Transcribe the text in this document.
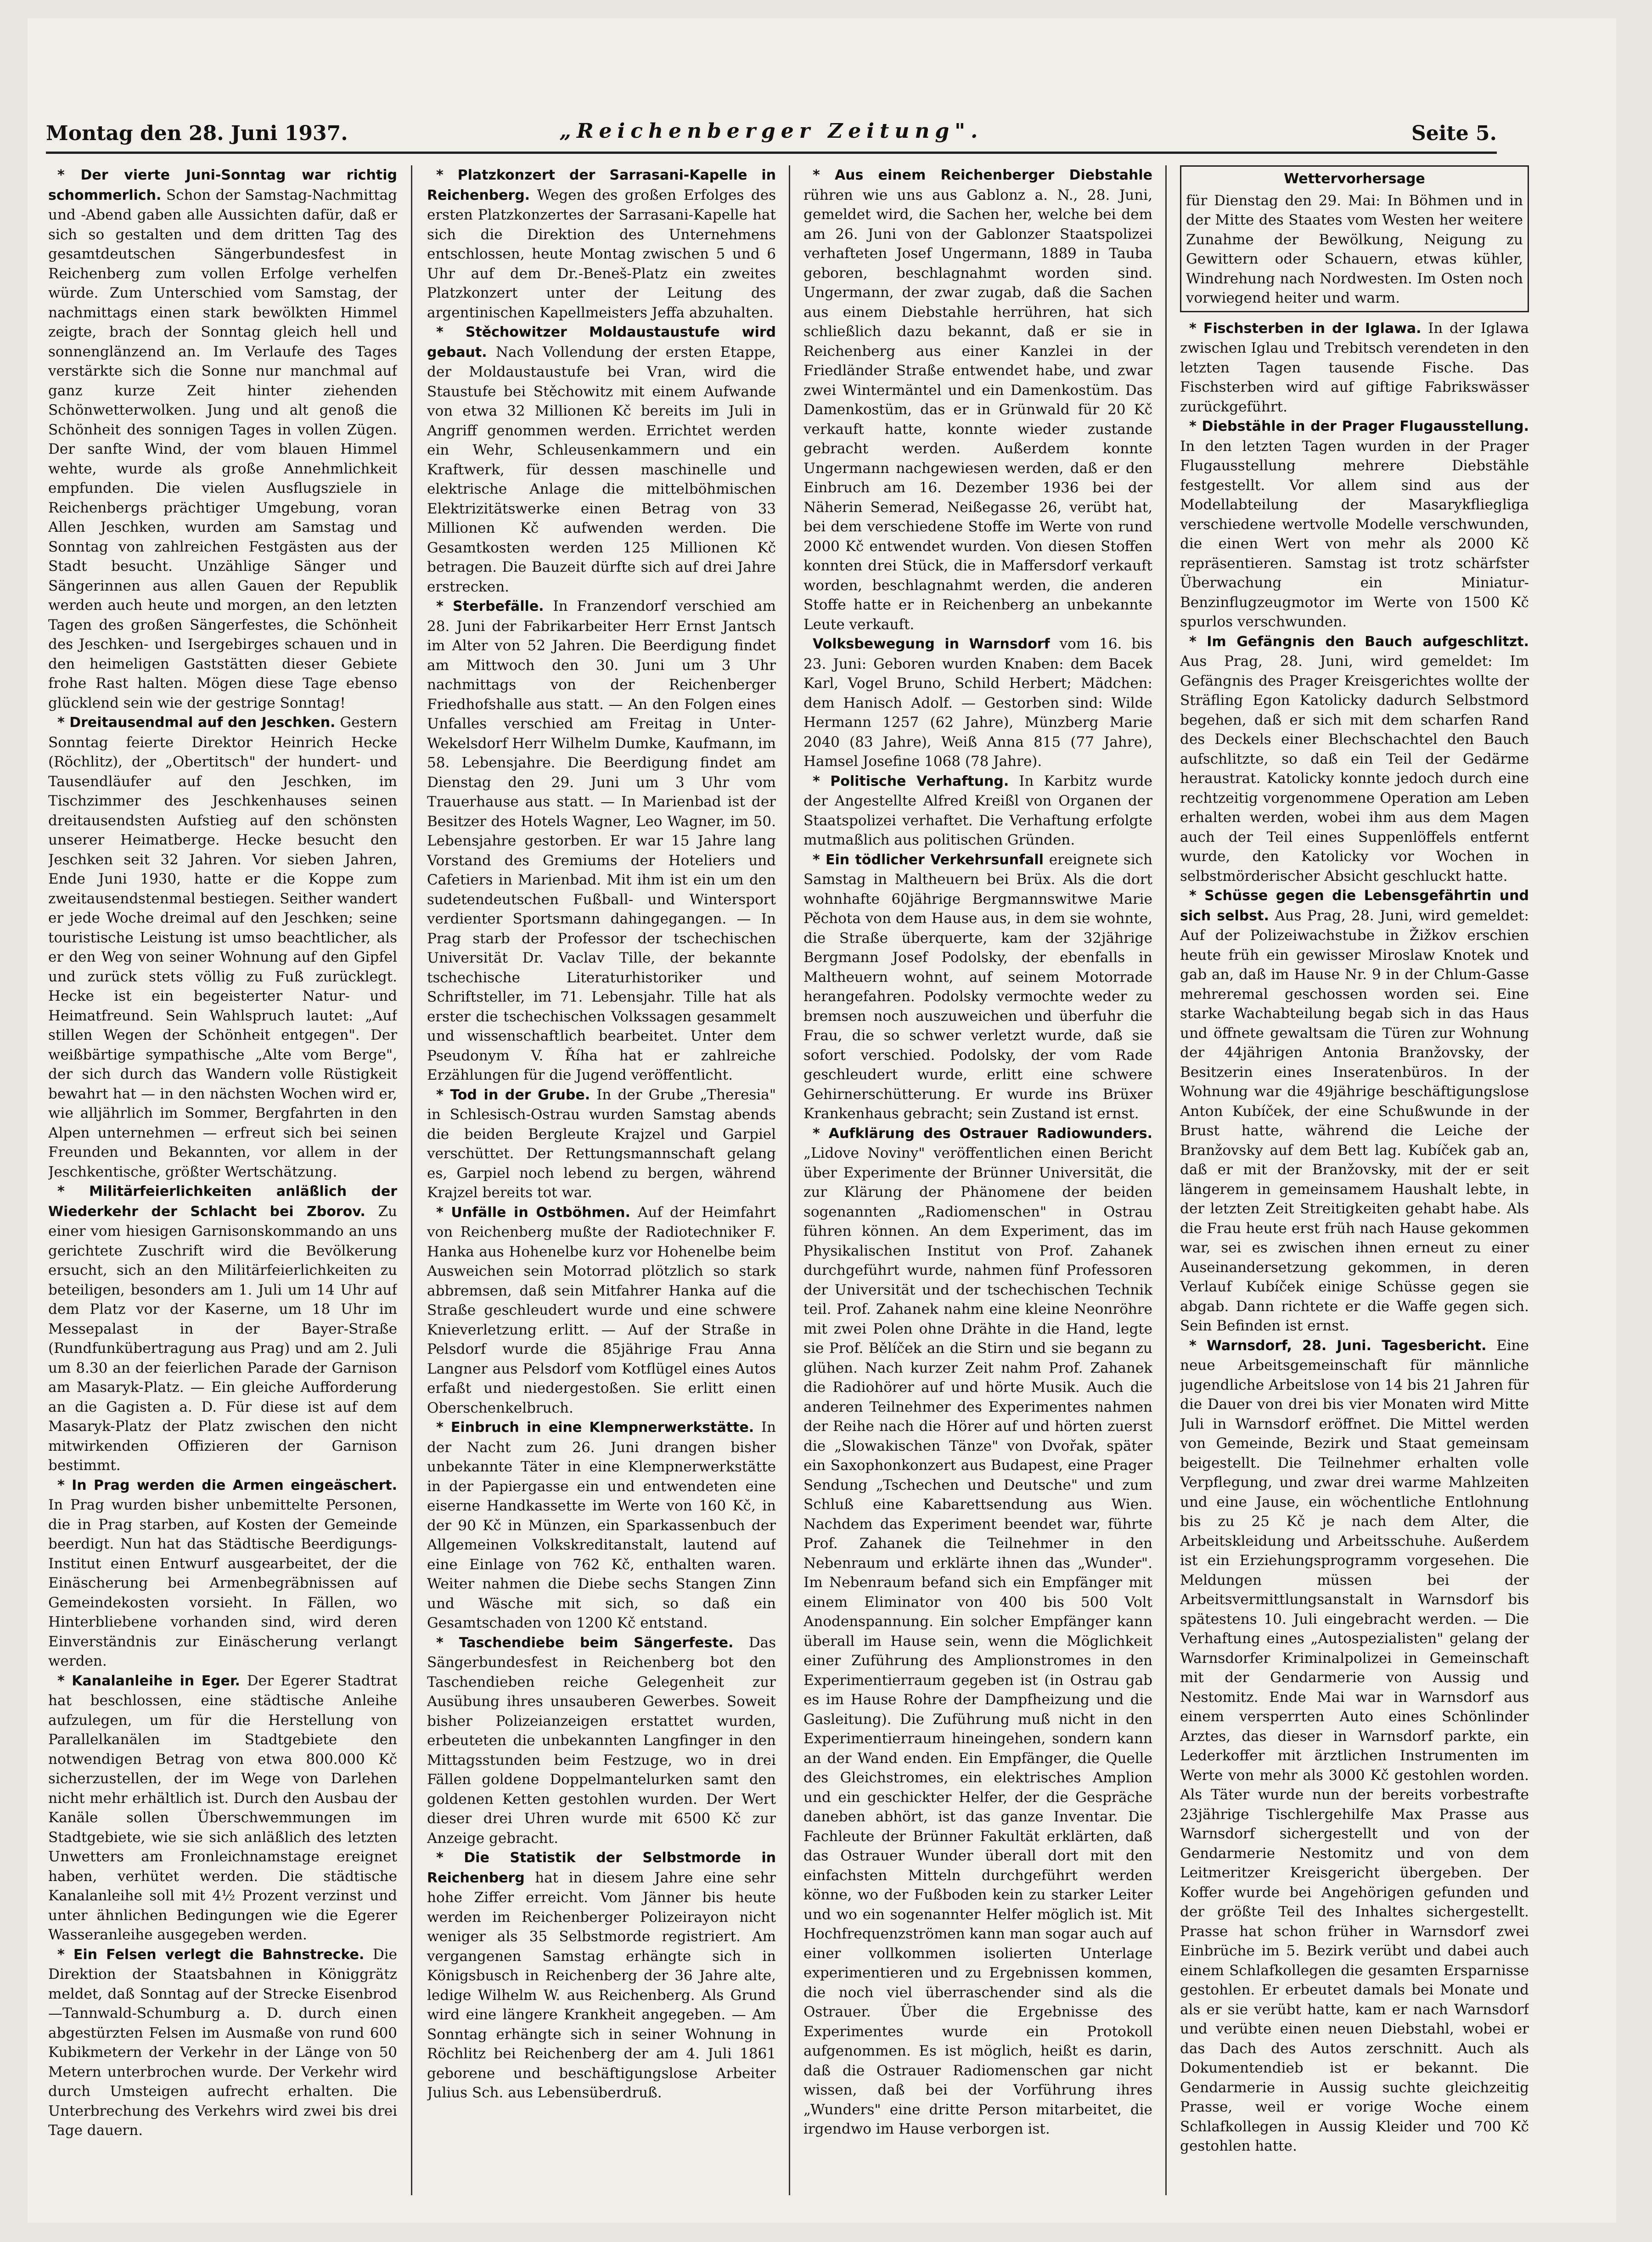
Montag den 28. Juni 1937.	„Reichenberger Zeitung".	Seite 5.

* Der vierte Juni-Sonntag war richtig schommerlich. Schon der Samstag-Nachmittag und -Abend gaben alle Aussichten dafür, daß er sich so gestalten und dem dritten Tag des gesamtdeutschen Sängerbundesfest in Reichenberg zum vollen Erfolge verhelfen würde. Zum Unterschied vom Samstag, der nachmittags einen stark bewölkten Himmel zeigte, brach der Sonntag gleich hell und sonnenglänzend an. Im Verlaufe des Tages verstärkte sich die Sonne nur manchmal auf ganz kurze Zeit hinter ziehenden Schönwetterwolken. Jung und alt genoß die Schönheit des sonnigen Tages in vollen Zügen. Der sanfte Wind, der vom blauen Himmel wehte, wurde als große Annehmlichkeit empfunden. Die vielen Ausflugsziele in Reichenbergs prächtiger Umgebung, voran Allen Jeschken, wurden am Samstag und Sonntag von zahlreichen Festgästen aus der Stadt besucht. Unzählige Sänger und Sängerinnen aus allen Gauen der Republik werden auch heute und morgen, an den letzten Tagen des großen Sängerfestes, die Schönheit des Jeschken- und Isergebirges schauen und in den heimeligen Gaststätten dieser Gebiete frohe Rast halten. Mögen diese Tage ebenso glücklend sein wie der gestrige Sonntag!

* Dreitausendmal auf den Jeschken. Gestern Sonntag feierte Direktor Heinrich Hecke (Röchlitz), der „Obertitsch" der hundert- und Tausendläufer auf den Jeschken, im Tischzimmer des Jeschkenhauses seinen dreitausendsten Aufstieg auf den schönsten unserer Heimatberge. Hecke besucht den Jeschken seit 32 Jahren. Vor sieben Jahren, Ende Juni 1930, hatte er die Koppe zum zweitausendstenmal bestiegen. Seither wandert er jede Woche dreimal auf den Jeschken; seine touristische Leistung ist umso beachtlicher, als er den Weg von seiner Wohnung auf den Gipfel und zurück stets völlig zu Fuß zurücklegt. Hecke ist ein begeisterter Natur- und Heimatfreund. Sein Wahlspruch lautet: „Auf stillen Wegen der Schönheit entgegen". Der weißbärtige sympathische „Alte vom Berge", der sich durch das Wandern volle Rüstigkeit bewahrt hat — in den nächsten Wochen wird er, wie alljährlich im Sommer, Bergfahrten in den Alpen unternehmen — erfreut sich bei seinen Freunden und Bekannten, vor allem in der Jeschkentische, größter Wertschätzung.

* Militärfeierlichkeiten anläßlich der Wiederkehr der Schlacht bei Zborov. Zu einer vom hiesigen Garnisonskommando an uns gerichtete Zuschrift wird die Bevölkerung ersucht, sich an den Militärfeierlichkeiten zu beteiligen, besonders am 1. Juli um 14 Uhr auf dem Platz vor der Kaserne, um 18 Uhr im Messepalast in der Bayer-Straße (Rundfunkübertragung aus Prag) und am 2. Juli um 8.30 an der feierlichen Parade der Garnison am Masaryk-Platz. — Ein gleiche Aufforderung an die Gagisten a. D. Für diese ist auf dem Masaryk-Platz der Platz zwischen den nicht mitwirkenden Offizieren der Garnison bestimmt.

* In Prag werden die Armen eingeäschert. In Prag wurden bisher unbemittelte Personen, die in Prag starben, auf Kosten der Gemeinde beerdigt. Nun hat das Städtische Beerdigungs-Institut einen Entwurf ausgearbeitet, der die Einäscherung bei Armenbegräbnissen auf Gemeindekosten vorsieht. In Fällen, wo Hinterbliebene vorhanden sind, wird deren Einverständnis zur Einäscherung verlangt werden.

* Kanalanleihe in Eger. Der Egerer Stadtrat hat beschlossen, eine städtische Anleihe aufzulegen, um für die Herstellung von Parallelkanälen im Stadtgebiete den notwendigen Betrag von etwa 800.000 Kč sicherzustellen, der im Wege von Darlehen nicht mehr erhältlich ist. Durch den Ausbau der Kanäle sollen Überschwemmungen im Stadtgebiete, wie sie sich anläßlich des letzten Unwetters am Fronleichnamstage ereignet haben, verhütet werden. Die städtische Kanalanleihe soll mit 4½ Prozent verzinst und unter ähnlichen Bedingungen wie die Egerer Wasseranleihe ausgegeben werden.

* Ein Felsen verlegt die Bahnstrecke. Die Direktion der Staatsbahnen in Königgrätz meldet, daß Sonntag auf der Strecke Eisenbrod—Tannwald-Schumburg a. D. durch einen abgestürzten Felsen im Ausmaße von rund 600 Kubikmetern der Verkehr in der Länge von 50 Metern unterbrochen wurde. Der Verkehr wird durch Umsteigen aufrecht erhalten. Die Unterbrechung des Verkehrs wird zwei bis drei Tage dauern.

* Platzkonzert der Sarrasani-Kapelle in Reichenberg. Wegen des großen Erfolges des ersten Platzkonzertes der Sarrasani-Kapelle hat sich die Direktion des Unternehmens entschlossen, heute Montag zwischen 5 und 6 Uhr auf dem Dr.-Beneš-Platz ein zweites Platzkonzert unter der Leitung des argentinischen Kapellmeisters Jeffa abzuhalten.

* Stěchowitzer Moldaustaustufe wird gebaut. Nach Vollendung der ersten Etappe, der Moldaustaustufe bei Vran, wird die Staustufe bei Stěchowitz mit einem Aufwande von etwa 32 Millionen Kč bereits im Juli in Angriff genommen werden. Errichtet werden ein Wehr, Schleusenkammern und ein Kraftwerk, für dessen maschinelle und elektrische Anlage die mittelböhmischen Elektrizitätswerke einen Betrag von 33 Millionen Kč aufwenden werden. Die Gesamtkosten werden 125 Millionen Kč betragen. Die Bauzeit dürfte sich auf drei Jahre erstrecken.

* Sterbefälle. In Franzendorf verschied am 28. Juni der Fabrikarbeiter Herr Ernst Jantsch im Alter von 52 Jahren. Die Beerdigung findet am Mittwoch den 30. Juni um 3 Uhr nachmittags von der Reichenberger Friedhofshalle aus statt. — An den Folgen eines Unfalles verschied am Freitag in Unter-Wekelsdorf Herr Wilhelm Dumke, Kaufmann, im 58. Lebensjahre. Die Beerdigung findet am Dienstag den 29. Juni um 3 Uhr vom Trauerhause aus statt. — In Marienbad ist der Besitzer des Hotels Wagner, Leo Wagner, im 50. Lebensjahre gestorben. Er war 15 Jahre lang Vorstand des Gremiums der Hoteliers und Cafetiers in Marienbad. Mit ihm ist ein um den sudetendeutschen Fußball- und Wintersport verdienter Sportsmann dahingegangen. — In Prag starb der Professor der tschechischen Universität Dr. Vaclav Tille, der bekannte tschechische Literaturhistoriker und Schriftsteller, im 71. Lebensjahr. Tille hat als erster die tschechischen Volkssagen gesammelt und wissenschaftlich bearbeitet. Unter dem Pseudonym V. Říha hat er zahlreiche Erzählungen für die Jugend veröffentlicht.

* Tod in der Grube. In der Grube „Theresia" in Schlesisch-Ostrau wurden Samstag abends die beiden Bergleute Krajzel und Garpiel verschüttet. Der Rettungsmannschaft gelang es, Garpiel noch lebend zu bergen, während Krajzel bereits tot war.

* Unfälle in Ostböhmen. Auf der Heimfahrt von Reichenberg mußte der Radiotechniker F. Hanka aus Hohenelbe kurz vor Hohenelbe beim Ausweichen sein Motorrad plötzlich so stark abbremsen, daß sein Mitfahrer Hanka auf die Straße geschleudert wurde und eine schwere Knieverletzung erlitt. — Auf der Straße in Pelsdorf wurde die 85jährige Frau Anna Langner aus Pelsdorf vom Kotflügel eines Autos erfaßt und niedergestoßen. Sie erlitt einen Oberschenkelbruch.

* Einbruch in eine Klempnerwerkstätte. In der Nacht zum 26. Juni drangen bisher unbekannte Täter in eine Klempnerwerkstätte in der Papiergasse ein und entwendeten eine eiserne Handkassette im Werte von 160 Kč, in der 90 Kč in Münzen, ein Sparkassenbuch der Allgemeinen Volkskreditanstalt, lautend auf eine Einlage von 762 Kč, enthalten waren. Weiter nahmen die Diebe sechs Stangen Zinn und Wäsche mit sich, so daß ein Gesamtschaden von 1200 Kč entstand.

* Taschendiebe beim Sängerfeste. Das Sängerbundesfest in Reichenberg bot den Taschendieben reiche Gelegenheit zur Ausübung ihres unsauberen Gewerbes. Soweit bisher Polizeianzeigen erstattet wurden, erbeuteten die unbekannten Langfinger in den Mittagsstunden beim Festzuge, wo in drei Fällen goldene Doppelmantelurken samt den goldenen Ketten gestohlen wurden. Der Wert dieser drei Uhren wurde mit 6500 Kč zur Anzeige gebracht.

* Die Statistik der Selbstmorde in Reichenberg hat in diesem Jahre eine sehr hohe Ziffer erreicht. Vom Jänner bis heute werden im Reichenberger Polizeirayon nicht weniger als 35 Selbstmorde registriert. Am vergangenen Samstag erhängte sich in Königsbusch in Reichenberg der 36 Jahre alte, ledige Wilhelm W. aus Reichenberg. Als Grund wird eine längere Krankheit angegeben. — Am Sonntag erhängte sich in seiner Wohnung in Röchlitz bei Reichenberg der am 4. Juli 1861 geborene und beschäftigungslose Arbeiter Julius Sch. aus Lebensüberdruß.

* Aus einem Reichenberger Diebstahle rühren wie uns aus Gablonz a. N., 28. Juni, gemeldet wird, die Sachen her, welche bei dem am 26. Juni von der Gablonzer Staatspolizei verhafteten Josef Ungermann, 1889 in Tauba geboren, beschlagnahmt worden sind. Ungermann, der zwar zugab, daß die Sachen aus einem Diebstahle herrühren, hat sich schließlich dazu bekannt, daß er sie in Reichenberg aus einer Kanzlei in der Friedländer Straße entwendet habe, und zwar zwei Wintermäntel und ein Damenkostüm. Das Damenkostüm, das er in Grünwald für 20 Kč verkauft hatte, konnte wieder zustande gebracht werden. Außerdem konnte Ungermann nachgewiesen werden, daß er den Einbruch am 16. Dezember 1936 bei der Näherin Semerad, Neißegasse 26, verübt hat, bei dem verschiedene Stoffe im Werte von rund 2000 Kč entwendet wurden. Von diesen Stoffen konnten drei Stück, die in Maffersdorf verkauft worden, beschlagnahmt werden, die anderen Stoffe hatte er in Reichenberg an unbekannte Leute verkauft.

Volksbewegung in Warnsdorf vom 16. bis 23. Juni: Geboren wurden Knaben: dem Bacek Karl, Vogel Bruno, Schild Herbert; Mädchen: dem Hanisch Adolf. — Gestorben sind: Wilde Hermann 1257 (62 Jahre), Münzberg Marie 2040 (83 Jahre), Weiß Anna 815 (77 Jahre), Hamsel Josefine 1068 (78 Jahre).

* Politische Verhaftung. In Karbitz wurde der Angestellte Alfred Kreißl von Organen der Staatspolizei verhaftet. Die Verhaftung erfolgte mutmaßlich aus politischen Gründen.

* Ein tödlicher Verkehrsunfall ereignete sich Samstag in Maltheuern bei Brüx. Als die dort wohnhafte 60jährige Bergmannswitwe Marie Pěchota von dem Hause aus, in dem sie wohnte, die Straße überquerte, kam der 32jährige Bergmann Josef Podolsky, der ebenfalls in Maltheuern wohnt, auf seinem Motorrade herangefahren. Podolsky vermochte weder zu bremsen noch auszuweichen und überfuhr die Frau, die so schwer verletzt wurde, daß sie sofort verschied. Podolsky, der vom Rade geschleudert wurde, erlitt eine schwere Gehirnerschütterung. Er wurde ins Brüxer Krankenhaus gebracht; sein Zustand ist ernst.

* Aufklärung des Ostrauer Radiowunders. „Lidove Noviny" veröffentlichen einen Bericht über Experimente der Brünner Universität, die zur Klärung der Phänomene der beiden sogenannten „Radiomenschen" in Ostrau führen können. An dem Experiment, das im Physikalischen Institut von Prof. Zahanek durchgeführt wurde, nahmen fünf Professoren der Universität und der tschechischen Technik teil. Prof. Zahanek nahm eine kleine Neonröhre mit zwei Polen ohne Drähte in die Hand, legte sie Prof. Bělíček an die Stirn und sie begann zu glühen. Nach kurzer Zeit nahm Prof. Zahanek die Radiohörer auf und hörte Musik. Auch die anderen Teilnehmer des Experimentes nahmen der Reihe nach die Hörer auf und hörten zuerst die „Slowakischen Tänze" von Dvořak, später ein Saxophonkonzert aus Budapest, eine Prager Sendung „Tschechen und Deutsche" und zum Schluß eine Kabarettsendung aus Wien. Nachdem das Experiment beendet war, führte Prof. Zahanek die Teilnehmer in den Nebenraum und erklärte ihnen das „Wunder". Im Nebenraum befand sich ein Empfänger mit einem Eliminator von 400 bis 500 Volt Anodenspannung. Ein solcher Empfänger kann überall im Hause sein, wenn die Möglichkeit einer Zuführung des Amplionstromes in den Experimentierraum gegeben ist (in Ostrau gab es im Hause Rohre der Dampfheizung und die Gasleitung). Die Zuführung muß nicht in den Experimentierraum hineingehen, sondern kann an der Wand enden. Ein Empfänger, die Quelle des Gleichstromes, ein elektrisches Amplion und ein geschickter Helfer, der die Gespräche daneben abhört, ist das ganze Inventar. Die Fachleute der Brünner Fakultät erklärten, daß das Ostrauer Wunder überall dort mit den einfachsten Mitteln durchgeführt werden könne, wo der Fußboden kein zu starker Leiter und wo ein sogenannter Helfer möglich ist. Mit Hochfrequenzströmen kann man sogar auch auf einer vollkommen isolierten Unterlage experimentieren und zu Ergebnissen kommen, die noch viel überraschender sind als die Ostrauer. Über die Ergebnisse des Experimentes wurde ein Protokoll aufgenommen. Es ist möglich, heißt es darin, daß die Ostrauer Radiomenschen gar nicht wissen, daß bei der Vorführung ihres „Wunders" eine dritte Person mitarbeitet, die irgendwo im Hause verborgen ist.

Wettervorhersage
für Dienstag den 29. Mai: In Böhmen und in der Mitte des Staates vom Westen her weitere Zunahme der Bewölkung, Neigung zu Gewittern oder Schauern, etwas kühler, Windrehung nach Nordwesten. Im Osten noch vorwiegend heiter und warm.

* Fischsterben in der Iglawa. In der Iglawa zwischen Iglau und Trebitsch verendeten in den letzten Tagen tausende Fische. Das Fischsterben wird auf giftige Fabrikswässer zurückgeführt.

* Diebstähle in der Prager Flugausstellung. In den letzten Tagen wurden in der Prager Flugausstellung mehrere Diebstähle festgestellt. Vor allem sind aus der Modellabteilung der Masarykfliegliga verschiedene wertvolle Modelle verschwunden, die einen Wert von mehr als 2000 Kč repräsentieren. Samstag ist trotz schärfster Überwachung ein Miniatur-Benzinflugzeugmotor im Werte von 1500 Kč spurlos verschwunden.

* Im Gefängnis den Bauch aufgeschlitzt. Aus Prag, 28. Juni, wird gemeldet: Im Gefängnis des Prager Kreisgerichtes wollte der Sträfling Egon Katolicky dadurch Selbstmord begehen, daß er sich mit dem scharfen Rand des Deckels einer Blechschachtel den Bauch aufschlitzte, so daß ein Teil der Gedärme heraustrat. Katolicky konnte jedoch durch eine rechtzeitig vorgenommene Operation am Leben erhalten werden, wobei ihm aus dem Magen auch der Teil eines Suppenlöffels entfernt wurde, den Katolicky vor Wochen in selbstmörderischer Absicht geschluckt hatte.

* Schüsse gegen die Lebensgefährtin und sich selbst. Aus Prag, 28. Juni, wird gemeldet: Auf der Polizeiwachstube in Žižkov erschien heute früh ein gewisser Miroslaw Knotek und gab an, daß im Hause Nr. 9 in der Chlum-Gasse mehreremal geschossen worden sei. Eine starke Wachabteilung begab sich in das Haus und öffnete gewaltsam die Türen zur Wohnung der 44jährigen Antonia Branžovsky, der Besitzerin eines Inseratenbüros. In der Wohnung war die 49jährige beschäftigungslose Anton Kubíček, der eine Schußwunde in der Brust hatte, während die Leiche der Branžovsky auf dem Bett lag. Kubíček gab an, daß er mit der Branžovsky, mit der er seit längerem in gemeinsamem Haushalt lebte, in der letzten Zeit Streitigkeiten gehabt habe. Als die Frau heute erst früh nach Hause gekommen war, sei es zwischen ihnen erneut zu einer Auseinandersetzung gekommen, in deren Verlauf Kubíček einige Schüsse gegen sie abgab. Dann richtete er die Waffe gegen sich. Sein Befinden ist ernst.

* Warnsdorf, 28. Juni. Tagesbericht. Eine neue Arbeitsgemeinschaft für männliche jugendliche Arbeitslose von 14 bis 21 Jahren für die Dauer von drei bis vier Monaten wird Mitte Juli in Warnsdorf eröffnet. Die Mittel werden von Gemeinde, Bezirk und Staat gemeinsam beigestellt. Die Teilnehmer erhalten volle Verpflegung, und zwar drei warme Mahlzeiten und eine Jause, ein wöchentliche Entlohnung bis zu 25 Kč je nach dem Alter, die Arbeitskleidung und Arbeitsschuhe. Außerdem ist ein Erziehungsprogramm vorgesehen. Die Meldungen müssen bei der Arbeitsvermittlungsanstalt in Warnsdorf bis spätestens 10. Juli eingebracht werden. — Die Verhaftung eines „Autospezialisten" gelang der Warnsdorfer Kriminalpolizei in Gemeinschaft mit der Gendarmerie von Aussig und Nestomitz. Ende Mai war in Warnsdorf aus einem versperrten Auto eines Schönlinder Arztes, das dieser in Warnsdorf parkte, ein Lederkoffer mit ärztlichen Instrumenten im Werte von mehr als 3000 Kč gestohlen worden. Als Täter wurde nun der bereits vorbestrafte 23jährige Tischlergehilfe Max Prasse aus Warnsdorf sichergestellt und von der Gendarmerie Nestomitz und von dem Leitmeritzer Kreisgericht übergeben. Der Koffer wurde bei Angehörigen gefunden und der größte Teil des Inhaltes sichergestellt. Prasse hat schon früher in Warnsdorf zwei Einbrüche im 5. Bezirk verübt und dabei auch einem Schlafkollegen die gesamten Ersparnisse gestohlen. Er erbeutet damals bei Monate und als er sie verübt hatte, kam er nach Warnsdorf und verübte einen neuen Diebstahl, wobei er das Dach des Autos zerschnitt. Auch als Dokumentendieb ist er bekannt. Die Gendarmerie in Aussig suchte gleichzeitig Prasse, weil er vorige Woche einem Schlafkollegen in Aussig Kleider und 700 Kč gestohlen hatte.
